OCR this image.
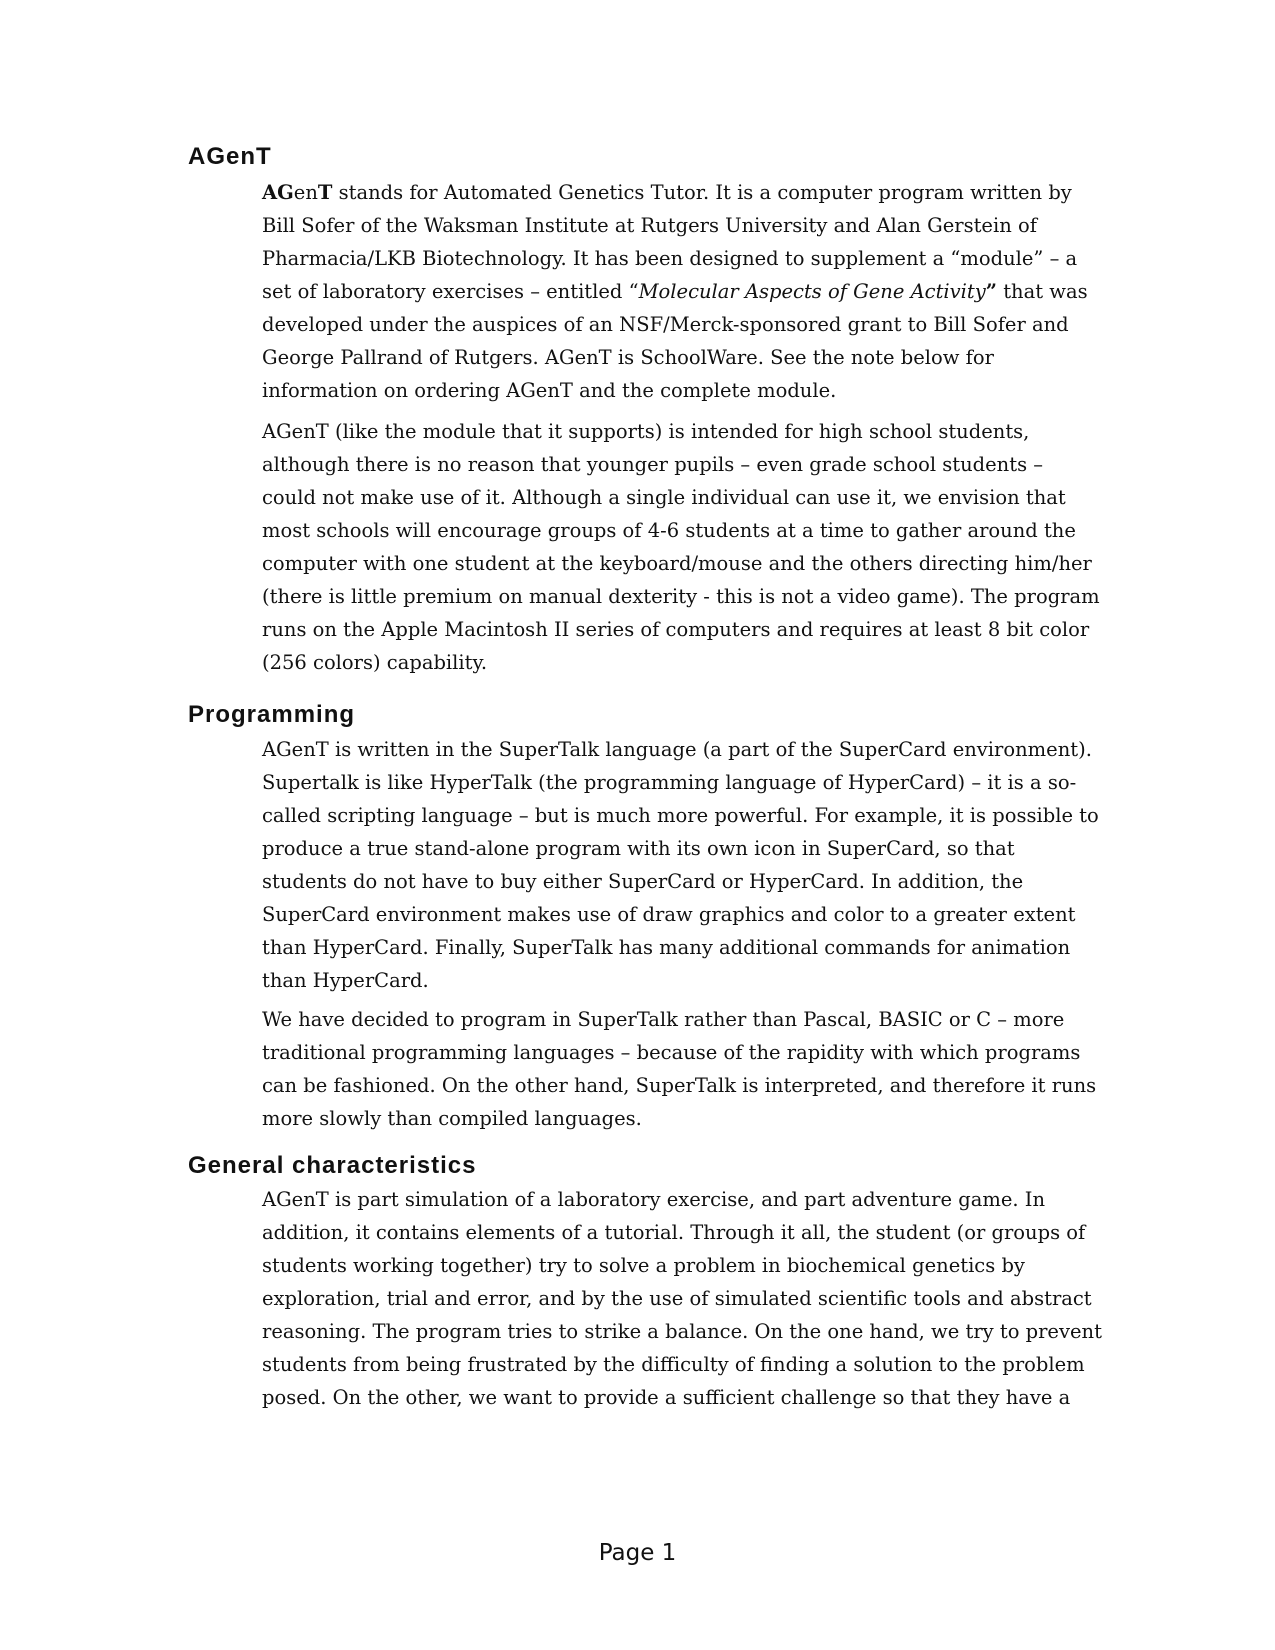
AGenT

AGenT stands for Automated Genetics Tutor. It is a computer program written by Bill Sofer of the Waksman Institute at Rutgers University and Alan Gerstein of Pharmacia/LKB Biotechnology. It has been designed to supplement a “module” – a set of laboratory exercises – entitled “Molecular Aspects of Gene Activity” that was developed under the auspices of an NSF/Merck-sponsored grant to Bill Sofer and George Pallrand of Rutgers. AGenT is SchoolWare. See the note below for information on ordering AGenT and the complete module.

AGenT (like the module that it supports) is intended for high school students, although there is no reason that younger pupils – even grade school students – could not make use of it. Although a single individual can use it, we envision that most schools will encourage groups of 4-6 students at a time to gather around the computer with one student at the keyboard/mouse and the others directing him/her (there is little premium on manual dexterity - this is not a video game). The program runs on the Apple Macintosh II series of computers and requires at least 8 bit color (256 colors) capability.

Programming

AGenT is written in the SuperTalk language (a part of the SuperCard environment). Supertalk is like HyperTalk (the programming language of HyperCard) – it is a so-called scripting language – but is much more powerful. For example, it is possible to produce a true stand-alone program with its own icon in SuperCard, so that students do not have to buy either SuperCard or HyperCard. In addition, the SuperCard environment makes use of draw graphics and color to a greater extent than HyperCard. Finally, SuperTalk has many additional commands for animation than HyperCard.

We have decided to program in SuperTalk rather than Pascal, BASIC or C – more traditional programming languages – because of the rapidity with which programs can be fashioned. On the other hand, SuperTalk is interpreted, and therefore it runs more slowly than compiled languages.

General characteristics

AGenT is part simulation of a laboratory exercise, and part adventure game. In addition, it contains elements of a tutorial. Through it all, the student (or groups of students working together) try to solve a problem in biochemical genetics by exploration, trial and error, and by the use of simulated scientific tools and abstract reasoning. The program tries to strike a balance. On the one hand, we try to prevent students from being frustrated by the difficulty of finding a solution to the problem posed. On the other, we want to provide a sufficient challenge so that they have a

Page 1
